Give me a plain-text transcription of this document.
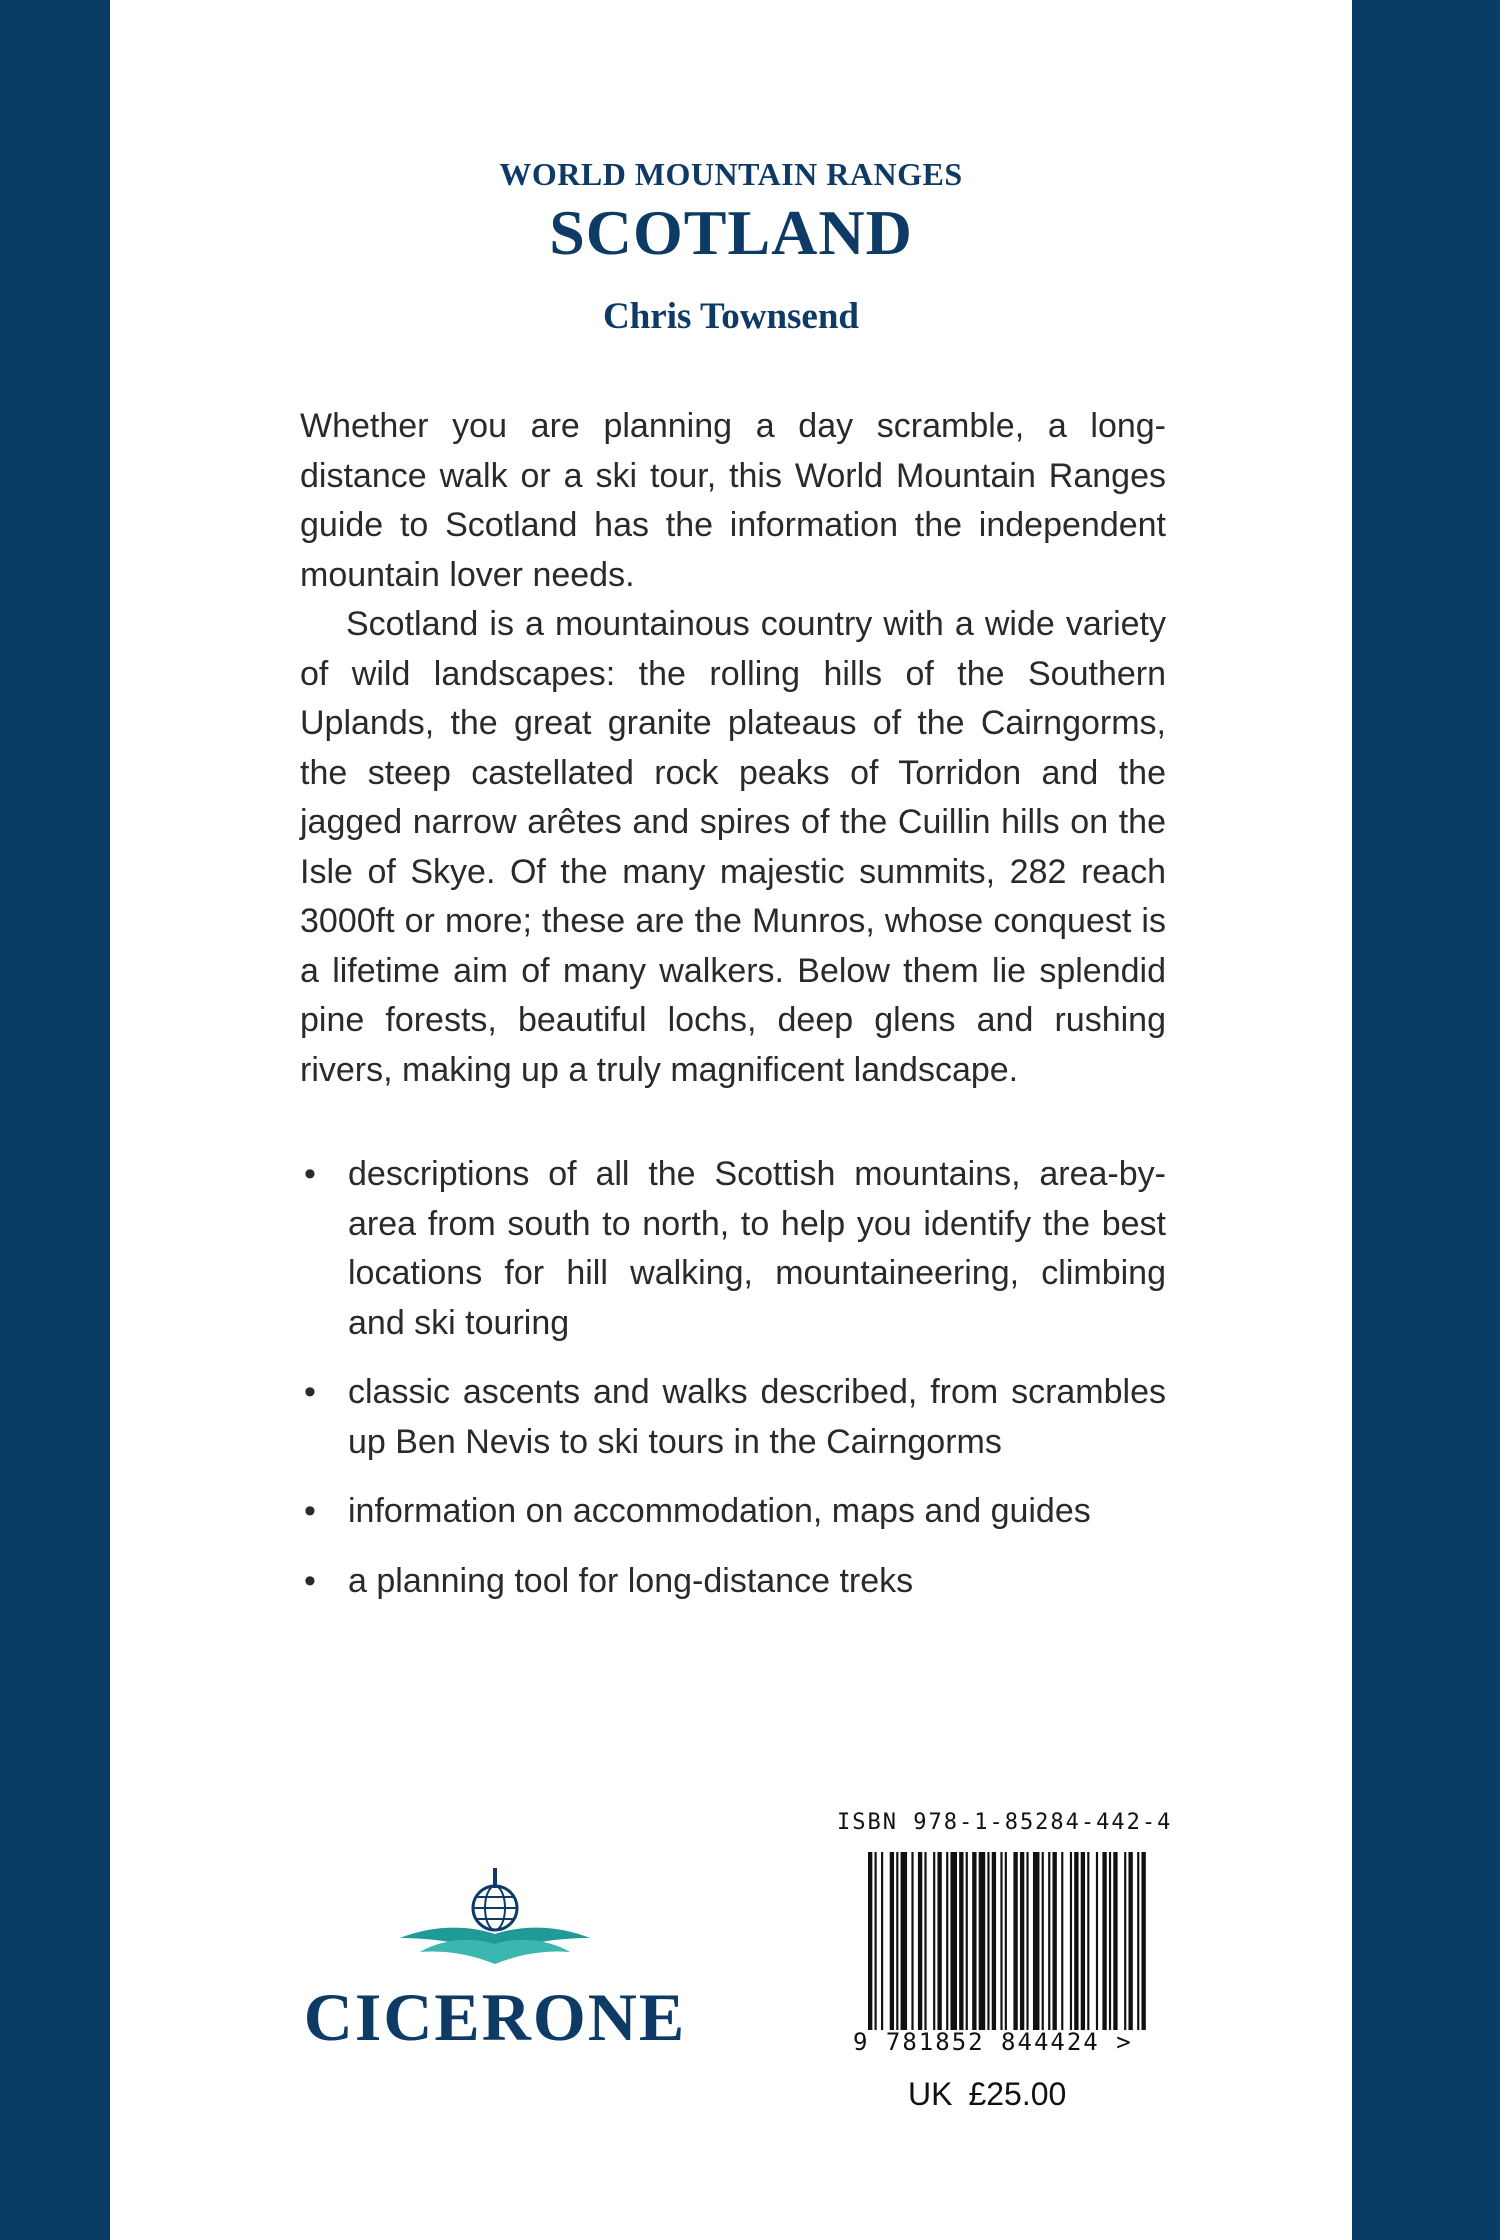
WORLD MOUNTAIN RANGES
SCOTLAND
Chris Townsend

Whether you are planning a day scramble, a long-distance walk or a ski tour, this World Mountain Ranges guide to Scotland has the information the independent mountain lover needs.

Scotland is a mountainous country with a wide variety of wild landscapes: the rolling hills of the Southern Uplands, the great granite plateaus of the Cairngorms, the steep castellated rock peaks of Torridon and the jagged narrow arêtes and spires of the Cuillin hills on the Isle of Skye. Of the many majestic summits, 282 reach 3000ft or more; these are the Munros, whose conquest is a lifetime aim of many walkers. Below them lie splendid pine forests, beautiful lochs, deep glens and rushing rivers, making up a truly magnificent landscape.

• descriptions of all the Scottish mountains, area-by-area from south to north, to help you identify the best locations for hill walking, mountaineering, climbing and ski touring
• classic ascents and walks described, from scrambles up Ben Nevis to ski tours in the Cairngorms
• information on accommodation, maps and guides
• a planning tool for long-distance treks
CICERONE
ISBN 978-1-85284-442-4
9 781852 844424 >
UK £25.00
